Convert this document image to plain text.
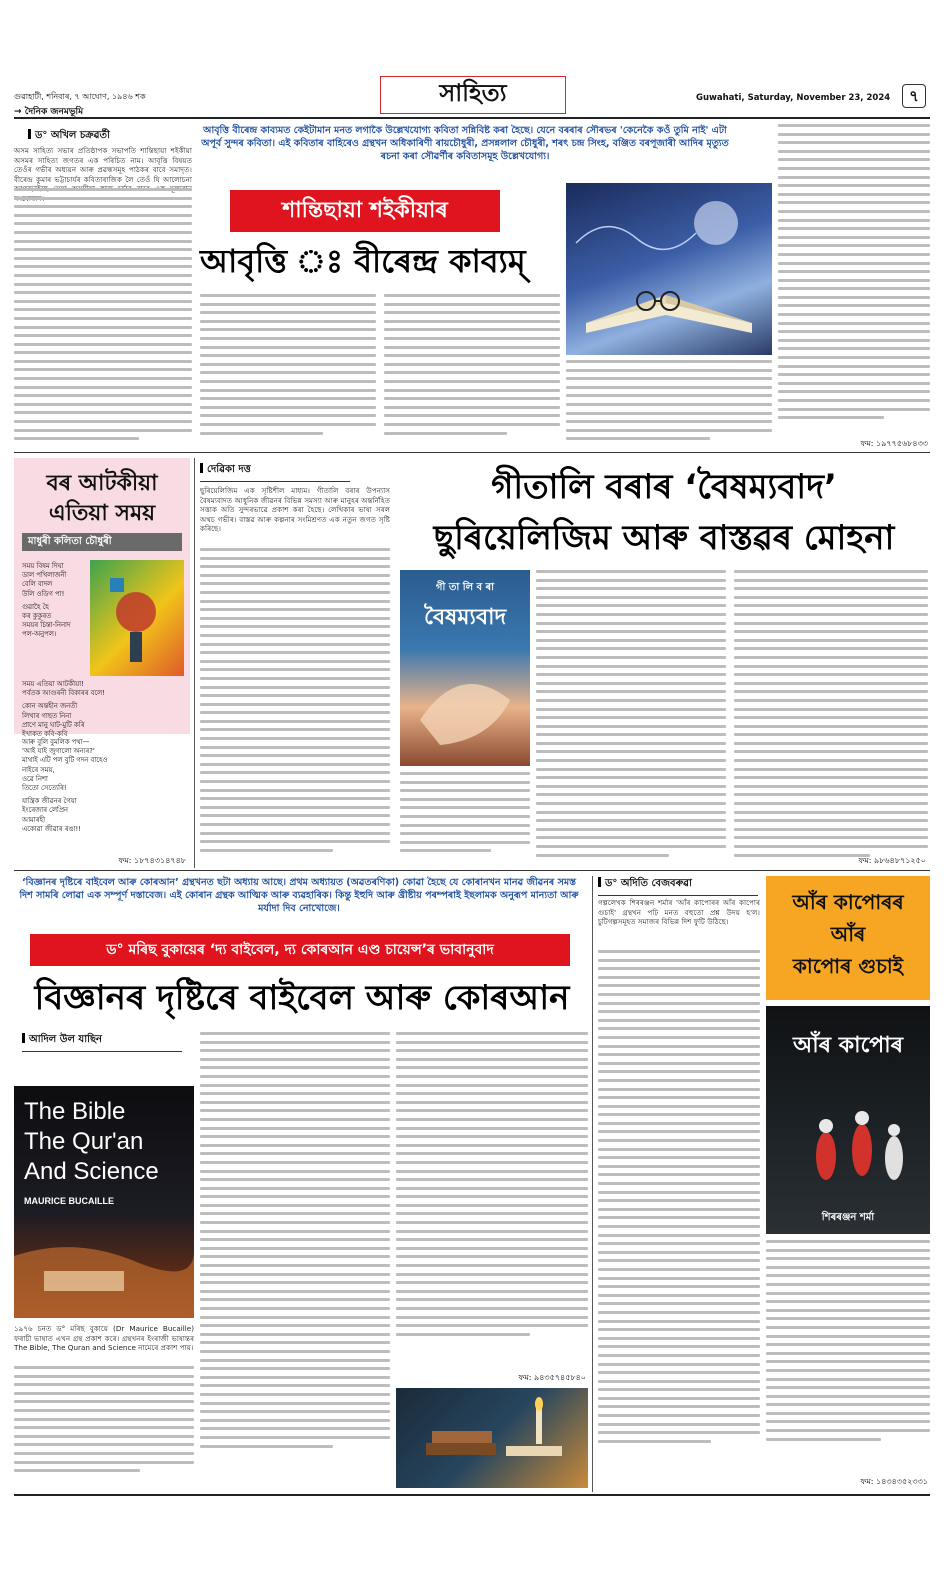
গুৱাহাটী, শনিবাৰ, ৭ আঘোণ, ১৯৪৬ শক
→ দৈনিক জনমভূমি
সাহিত্য	Guwahati, Saturday, November 23, 2024	৭
ড° অখিল চক্ৰৱৰ্তী	আবৃত্তি বীৰেন্দ্ৰ কাব্যমত কেইটামান মনত লগাকৈ উল্লেখযোগ্য কবিতা সন্নিবিষ্ট কৰা হৈছে। যেনে বৰৰাৰ সৌৰভৰ 'কেনেকৈ কওঁ তুমি নাই' এটা অপূৰ্ব সুন্দৰ কবিতা। এই কবিতাৰ বাহিৰেও গ্ৰন্থখন অধিকাৰিণী ৰায়চৌধুৰী, প্ৰসন্নলাল চৌধুৰী, শৰৎ চন্দ্ৰ সিংহ, বঞ্জিত বৰপূজাৰী আদিৰ মৃত্যুত ৰচনা কৰা সৌৱৰ্ণীৰ কবিতাসমূহ উল্লেখযোগ্য।
অসম সাহিত্য সভাৰ প্ৰতিষ্ঠাপক সভাপতি শান্তিছায়া শইকীয়া অসমৰ সাহিত্য জগতৰ এক পৰিচিত নাম। আবৃত্তি বিষয়ত তেওঁৰ গভীৰ অধ্যয়ন আৰু প্ৰৱন্ধসমূহ পাঠকৰ বাবে সমাদৃত। বীৰেন্দ্ৰ কুমাৰ ভট্টাচাৰ্যৰ কবিতাৰাজিক লৈ তেওঁ যি আলোচনা
শান্তিছায়া শইকীয়াৰ
আবৃত্তি ঃ বীৰেন্দ্ৰ কাব্যম্
ফম: ১৯৭৭৫৬৮৪৩৩
বৰ আটকীয়া
এতিয়া সময়
মাধুৰী কলিতা চৌধুৰী
সময় বিষম দিঘা
ডাল পখিলাজনী
বেলি বাদল
উলি ওডিগ পা!
গুৱাহৈ হৈ
কৰ কুকুৰত
সময়ৰ চিন্তা-নিনাদ
পল-অনুপল।
সময় এতিয়া আটকীয়া!
পৰ্বতক আগুৰনী বিকাৰৰ বলে!
কোন অন্তহীন জনতী
লিখাৰ গাছত নিনা
প্ৰাণে মানু ঘাট-মুটি কৰি
ইখাকত কবি-কবি
আৰু বুলি বুমলিক পথা—
'আই যাই জুগালো অন্যৰ?'
মাথাই এটি পল বুটি গদন বাহেও
নাইৰে সময়,
ওৱে নিশা
তিতো সেত্যেৰি!
যান্ত্ৰিক জীৱনৰ গৈয়া
ইংৰেজাৰ লেপ্ৰিন
আমাৰহী
একোৱা জীৱাৰ ৰঙা!!
ফম: ১৮৭৪৩১৪৭৪৮
দেৱিকা দত্ত
ছুৰিয়েলিজিম এক সৃষ্টিশীল মাধ্যম। গীতালি বৰাৰ উপন্যাস বৈষম্যবাদত আধুনিক জীৱনৰ বিভিন্ন সমস্যা আৰু মানুহৰ অন্তৰ্নিহিত সত্তাক অতি সুন্দৰভাৱে প্ৰকাশ কৰা হৈছে। লেখিকাৰ ভাষা সৰল অথচ গভীৰ। বাস্তৱ আৰু কল্পনাৰ সংমিশ্ৰণত এক নতুন জগত সৃষ্টি কৰিছে।
গীতালি বৰাৰ ‘বৈষম্যবাদ’
ছুৰিয়েলিজিম আৰু বাস্তৱৰ মোহনা
গী তা লি ব ৰা
বৈষম্যবাদ
ফম: ৯৮৬৪৮৭১২৫০
‘বিজ্ঞানৰ দৃষ্টিৰে বাইবেল আৰু কোৰআন’ গ্ৰন্থখনত ছটা অধ্যায় আছে। প্ৰথম অধ্যায়ত (অৱতৰণিকা) কোৱা হৈছে যে কোৰানখন মানৱ জীৱনৰ সমস্ত দিশ সামৰি লোৱা এক সম্পূৰ্ণ দস্তাবেজ। এই কোৰান গ্ৰন্থক আত্মিক আৰু ব্যৱহাৰিক। কিন্তু ইহুদি আৰু খ্ৰীষ্টীয় পৰম্পৰাই ইছলামক অনুৰূপ মান্যতা আৰু মৰ্যাদা দিব নোখোজে।
ড° মৰিছ বুকায়েৰ ‘দ্য বাইবেল, দ্য কোৰআন এণ্ড চায়েন্স’ৰ ভাবানুবাদ
বিজ্ঞানৰ দৃষ্টিৰে বাইবেল আৰু কোৰআন
আদিল উল যাছিন
The Bible
The Qur'an
And Science
MAURICE BUCAILLE
১৯৭৬ চনত ড° মৰিছ বুকায়ে (Dr Maurice Bucaille) ফৰাচী ভাষাত এখন গ্ৰন্থ প্ৰকাশ কৰে। গ্ৰন্থখনৰ ইংৰাজী ভাষান্তৰ The Bible, The Quran and Science নামেৰে প্ৰকাশ পায়।
ফম: ৯৪৩৫৭৪৫৮৪০
ড° অদিতি বেজবৰুৱা
গল্পলেখক শিৰৰঞ্জন শৰ্মাৰ 'আঁৰ কাপোৰৰ আঁৰ কাপোৰ গুচাই' গ্ৰন্থখন পঢ়ি মনত বহুতো প্ৰশ্ন উদয় হ'ল। চুটিগল্পসমূহত সমাজৰ বিভিন্ন দিশ ফুটি উঠিছে।
আঁৰ কাপোৰৰ
আঁৰ
কাপোৰ গুচাই
আঁৰ কাপোৰ
শিৰৰঞ্জন শৰ্মা
ফম: ১৪৩৪৩৫২৩৩১
